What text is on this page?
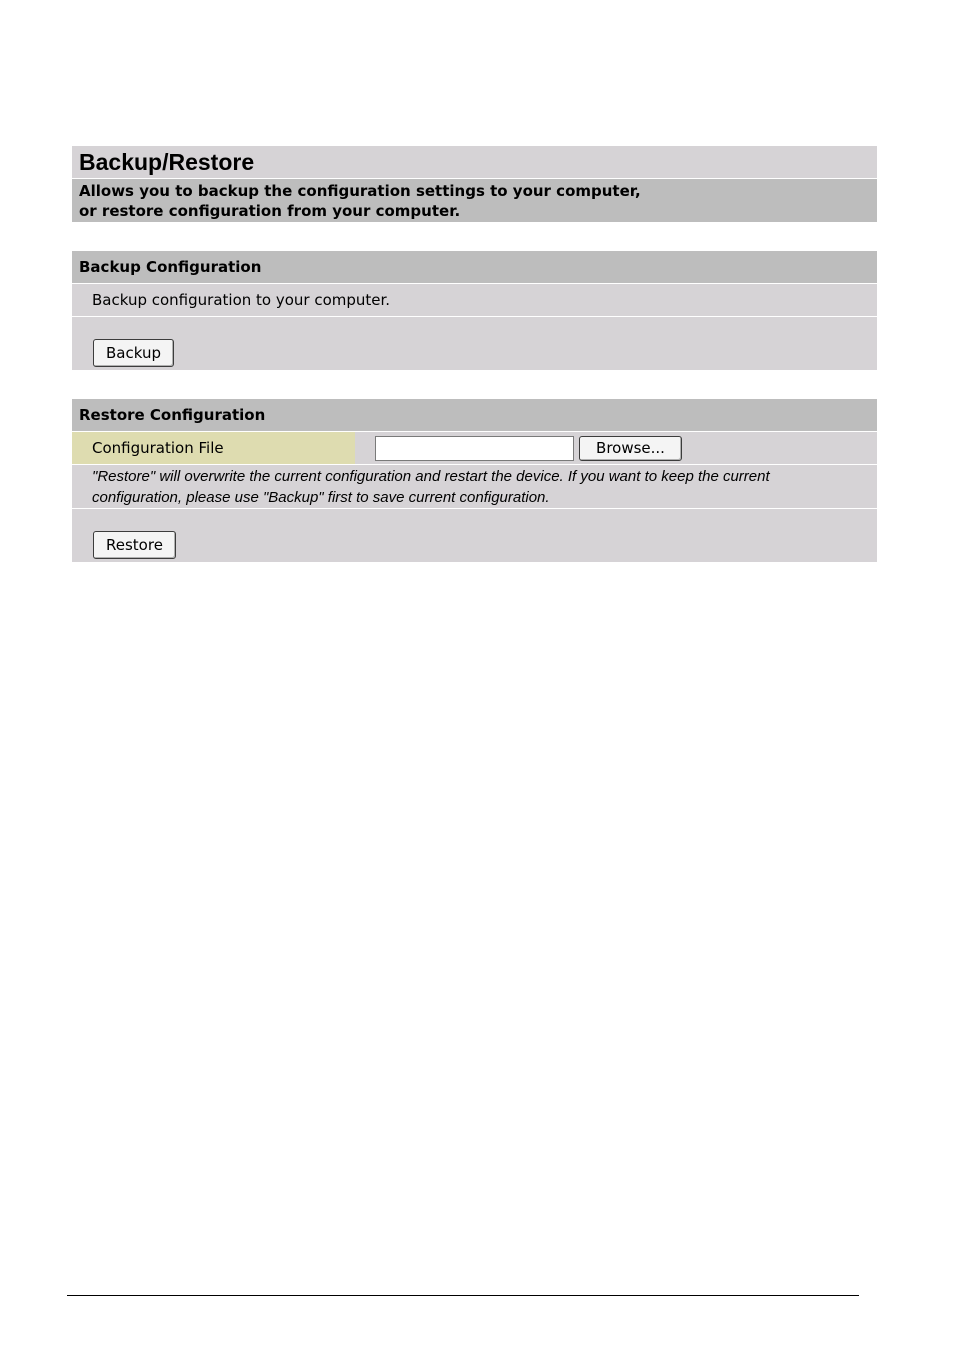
Backup/Restore
Allows you to backup the configuration settings to your computer,
or restore configuration from your computer.
Backup Configuration
Backup configuration to your computer.
Backup
Restore Configuration
Configuration File	Browse...
"Restore" will overwrite the current configuration and restart the device. If you want to keep the current
configuration, please use "Backup" first to save current configuration.
Restore
